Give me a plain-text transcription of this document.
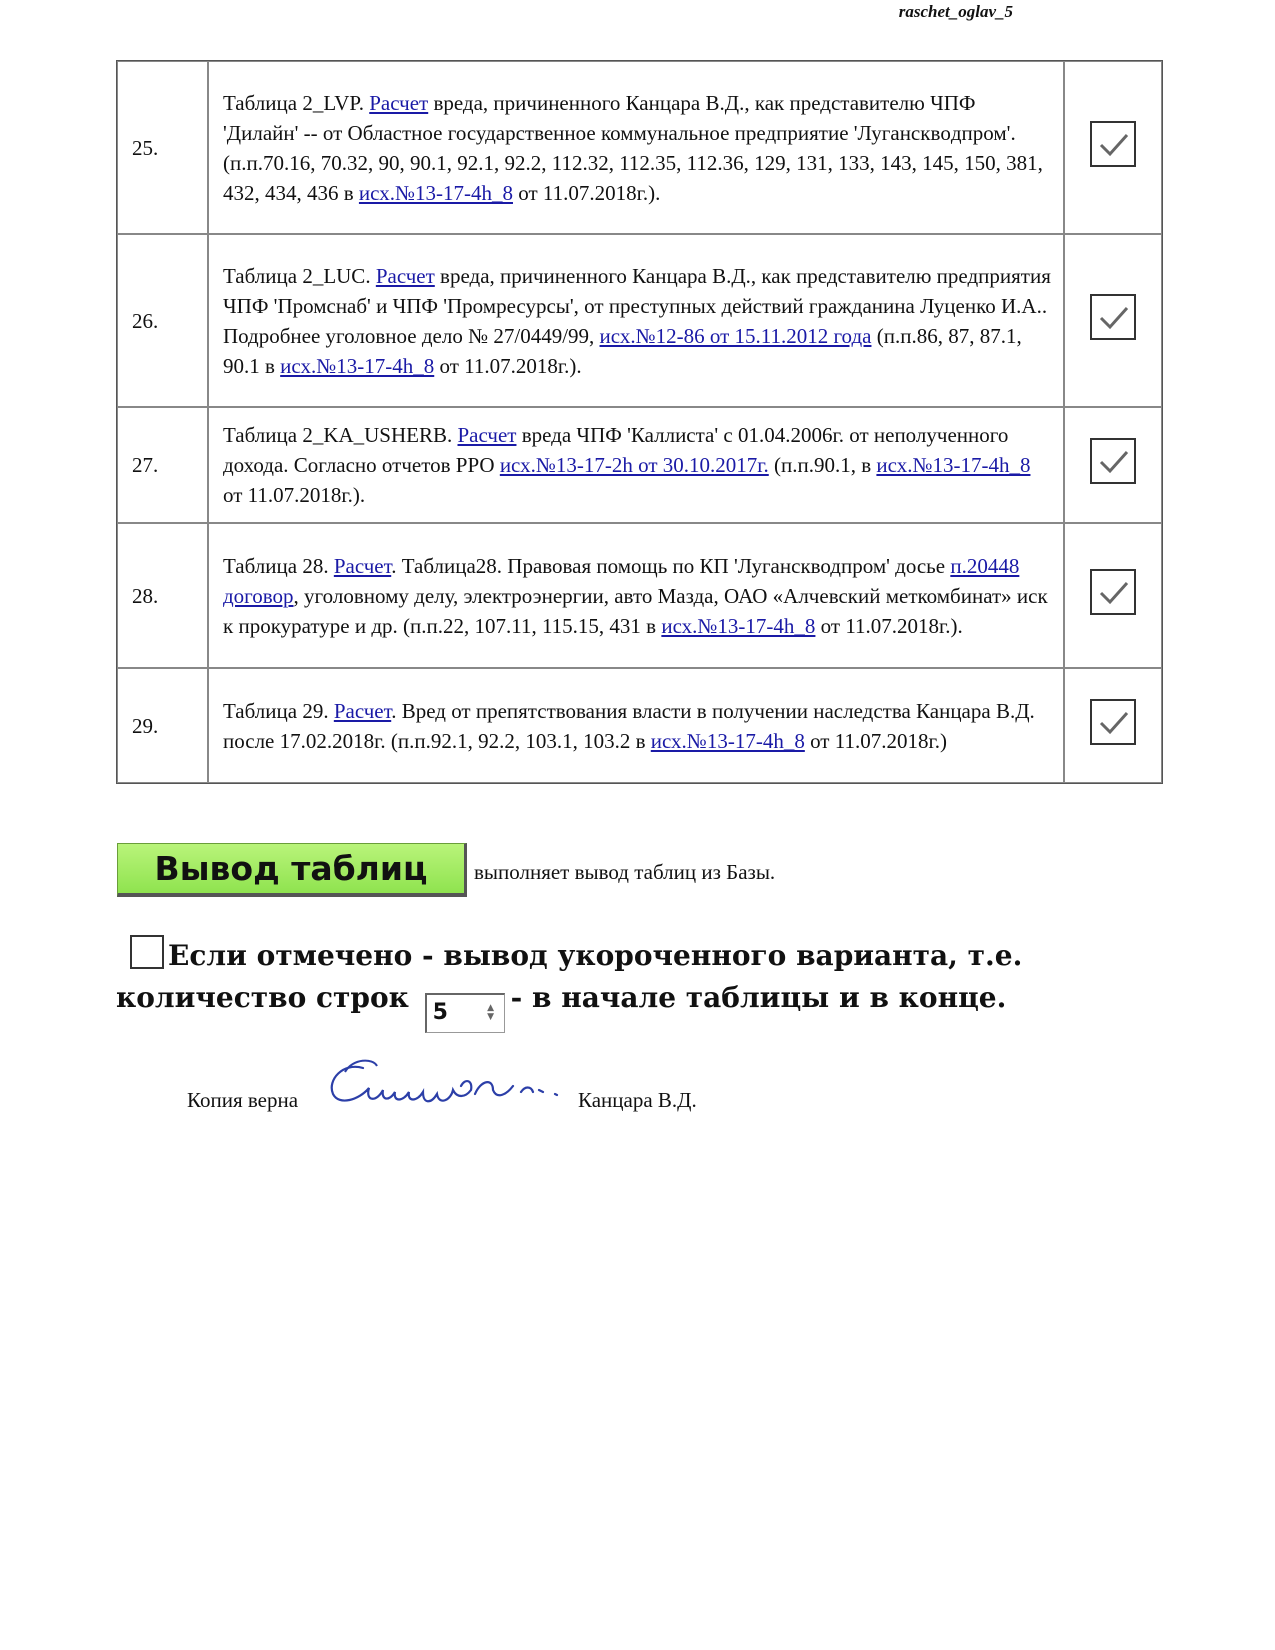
raschet_oglav_5
25.	Таблица 2_LVP. Расчет вреда, причиненного Канцара В.Д., как представителю ЧПФ 'Дилайн' -- от Областное государственное коммунальное предприятие 'Лугансквoдпром'. (п.п.70.16, 70.32, 90, 90.1, 92.1, 92.2, 112.32, 112.35, 112.36, 129, 131, 133, 143, 145, 150, 381, 432, 434, 436 в исх.№13-17-4h_8 от 11.07.2018г.).	

26.	Таблица 2_LUC. Расчет вреда, причиненного Канцара В.Д., как представителю предприятия ЧПФ 'Промснаб' и ЧПФ 'Промресурсы', от преступных действий гражданина Луценко И.А.. Подробнее уголовное дело № 27/0449/99, исх.№12-86 от 15.11.2012 года (п.п.86, 87, 87.1, 90.1 в исх.№13-17-4h_8 от 11.07.2018г.).	

27.	Таблица 2_KA_USHERB. Расчет вреда ЧПФ 'Каллиста' с 01.04.2006г. от неполученного дохода. Согласно отчетов РРО исх.№13-17-2h от 30.10.2017г. (п.п.90.1, в исх.№13-17-4h_8 от 11.07.2018г.).	

28.	Таблица 28. Расчет. Таблица28. Правовая помощь по КП 'Луганскводпром' досье п.20448 договор, уголовному делу, электроэнергии, авто Мазда, ОАО «Алчевский меткомбинат» иск к прокуратуре и др. (п.п.22, 107.11, 115.15, 431 в исх.№13-17-4h_8 от 11.07.2018г.).	

29.	Таблица 29. Расчет. Вред от препятствования власти в получении наследства Канцара В.Д. после 17.02.2018г. (п.п.92.1, 92.2, 103.1, 103.2 в исх.№13-17-4h_8 от 11.07.2018г.)	
Вывод таблиц	выполняет вывод таблиц из Базы.
Если отмечено - вывод укороченного варианта, т.е. количество строк 5	▲
▼
- в начале таблицы и в конце.
Копия верна	Канцара В.Д.
